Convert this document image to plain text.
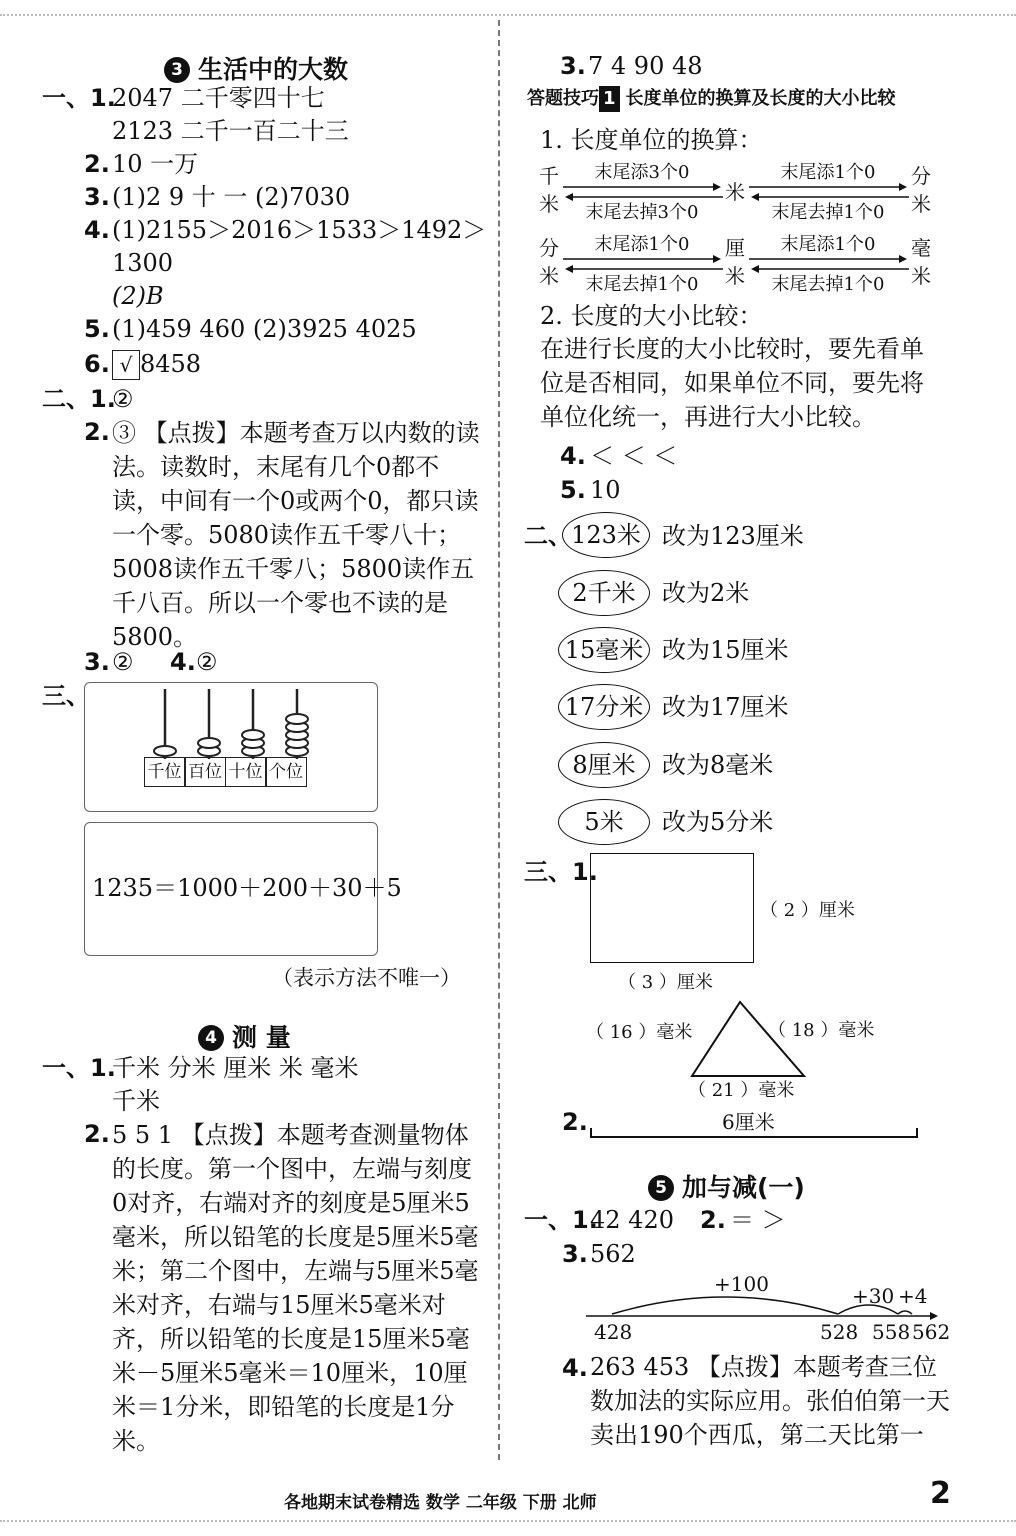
3 生活中的大数
一、1.
2047 二千零四十七
2123 二千一百二十三
2. 10 一万
3. (1)2 9 十 一 (2)7030
4. (1)2155＞2016＞1533＞1492＞
1300
(2)B
5. (1)459 460 (2)3925 4025
6. √ 8458
二、1.
②
2. ③ 【点拨】本题考查万以内数的读法。读数时，末尾有几个0都不读，中间有一个0或两个0，都只读一个零。5080读作五千零八十；5008读作五千零八；5800读作五千八百。所以一个零也不读的是5800。
3. ② 4. ②
三、
千位 百位 十位 个位
1235＝1000＋200＋30＋5
（表示方法不唯一）
4 测 量
一、1.
千米 分米 厘米 米 毫米
千米
2. 5 5 1 【点拨】本题考查测量物体的长度。第一个图中，左端与刻度0对齐，右端对齐的刻度是5厘米5毫米，所以铅笔的长度是5厘米5毫米；第二个图中，左端与5厘米5毫米对齐，右端与15厘米5毫米对齐，所以铅笔的长度是15厘米5毫米－5厘米5毫米＝10厘米，10厘米＝1分米，即铅笔的长度是1分米。
3. 7 4 90 48
答题技巧 1 长度单位的换算及长度的大小比较
1. 长度单位的换算：
千米
末尾添3个0
末尾去掉3个0
米
末尾添1个0
末尾去掉1个0
分米
分米
末尾添1个0
末尾去掉1个0
厘米
末尾添1个0
末尾去掉1个0
毫米
2. 长度的大小比较：
在进行长度的大小比较时，要先看单位是否相同，如果单位不同，要先将单位化统一，再进行大小比较。
4. ＜ ＜ ＜
5. 10
二、 123米 改为123厘米
2千米	改为2米
15毫米 改为15厘米
17分米 改为17厘米
8厘米	改为8毫米
5米	改为5分米
三、1.
（ 2 ）厘米
（ 3 ）厘米
（ 16 ）毫米	（ 18 ）毫米
（ 21 ）毫米
2.	6厘米
5 加与减(一)
一、1.
42 420 2. ＝ ＞
3. 562
+100	+30 +4
428	528 558 562
4. 263 453 【点拨】本题考查三位数加法的实际应用。张伯伯第一天卖出190个西瓜，第二天比第一
各地期末试卷精选 数学 二年级 下册 北师	2
